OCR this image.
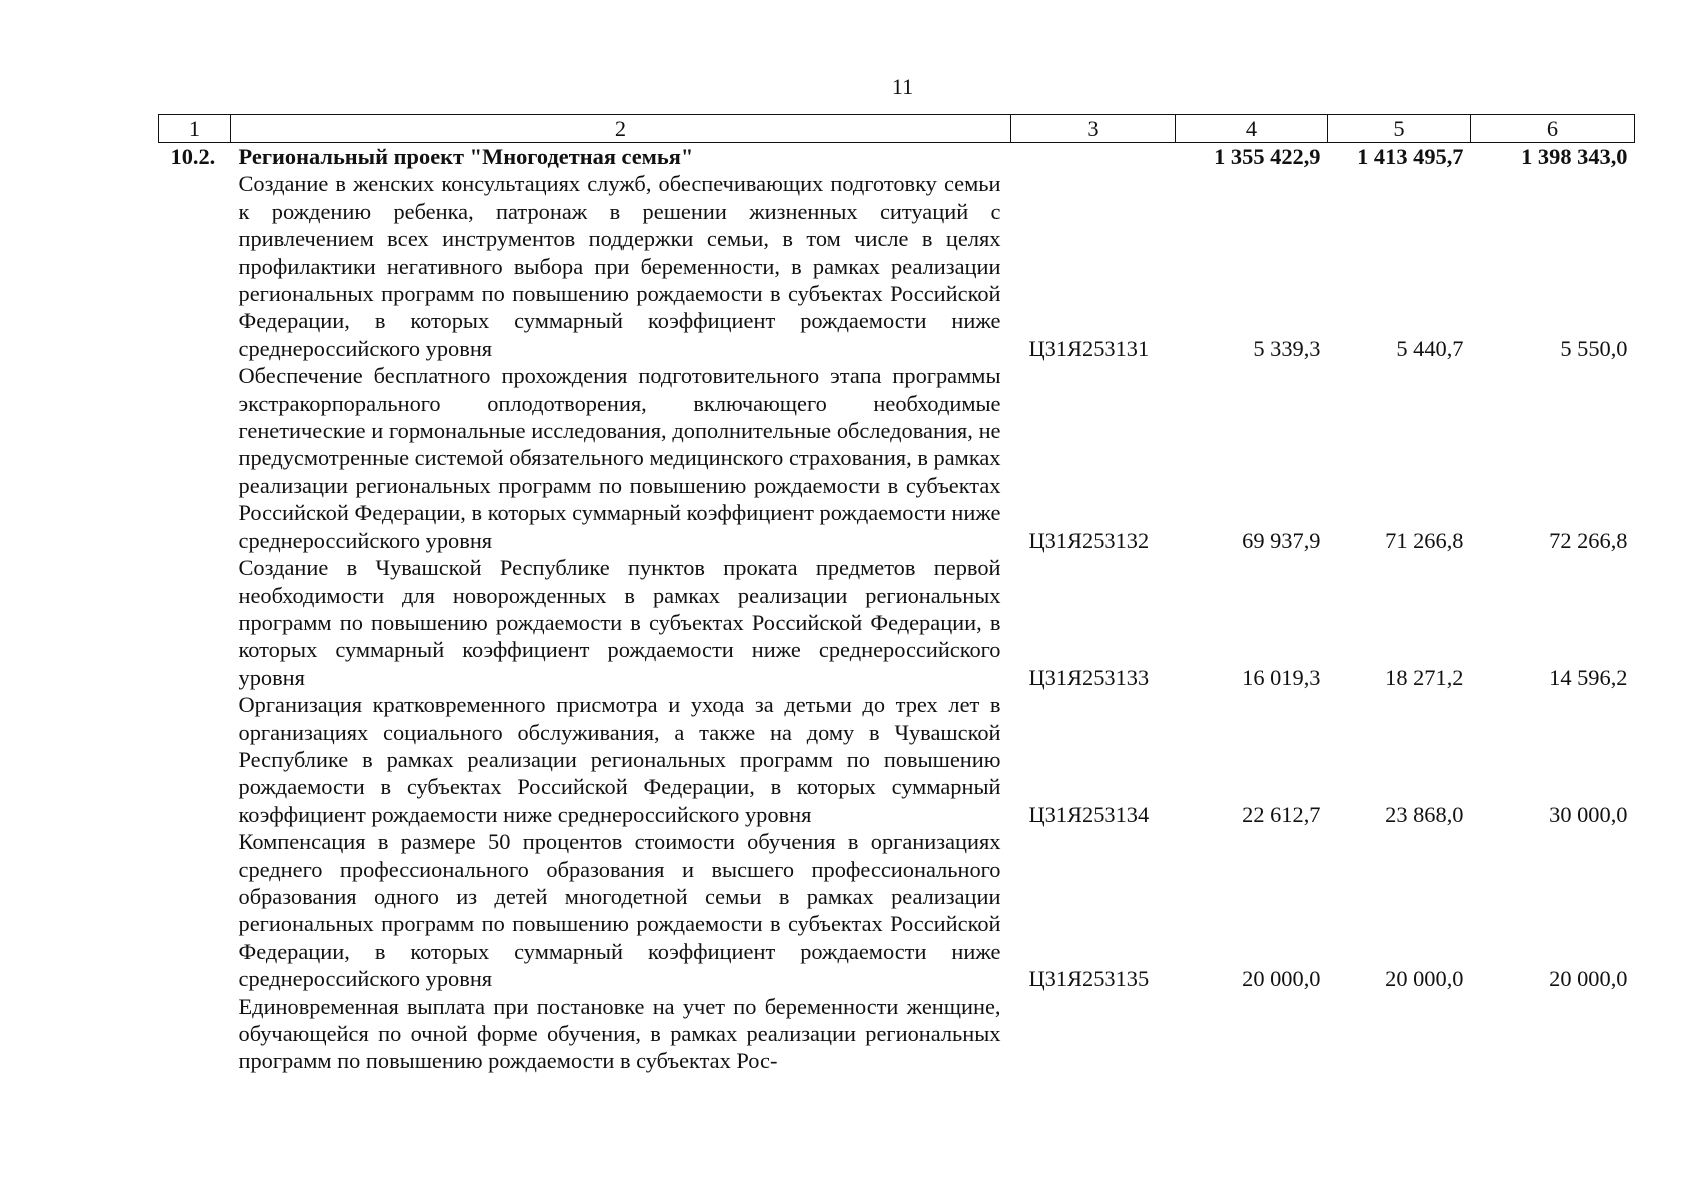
11
1	2	3	4	5	6
10.2.	Региональный проект "Многодетная семья"		1 355 422,9	1 413 495,7	1 398 343,0
	Создание в женских консультациях служб, обеспечивающих подготовку семьи к рождению ребенка, патронаж в решении жизненных ситуаций с привлечением всех инструментов поддержки семьи, в том числе в целях профилактики негативного выбора при беременности, в рамках реализации региональных программ по повышению рождаемости в субъектах Российской Федерации, в которых суммарный коэффициент рождаемости ниже среднероссийского уровня	Ц31Я253131	5 339,3	5 440,7	5 550,0
	Обеспечение бесплатного прохождения подготовительного этапа программы экстракорпорального оплодотворения, включающего необходимые генетические и гормональные исследования, дополнительные обследования, не предусмотренные системой обязательного медицинского страхования, в рамках реализации региональных программ по повышению рождаемости в субъектах Российской Федерации, в которых суммарный коэффициент рождаемости ниже среднероссийского уровня	Ц31Я253132	69 937,9	71 266,8	72 266,8
	Создание в Чувашской Республике пунктов проката предметов первой необходимости для новорожденных в рамках реализации региональных программ по повышению рождаемости в субъектах Российской Федерации, в которых суммарный коэффициент рождаемости ниже среднероссийского уровня	Ц31Я253133	16 019,3	18 271,2	14 596,2
	Организация кратковременного присмотра и ухода за детьми до трех лет в организациях социального обслуживания, а также на дому в Чувашской Республике в рамках реализации региональных программ по повышению рождаемости в субъектах Российской Федерации, в которых суммарный коэффициент рождаемости ниже среднероссийского уровня	Ц31Я253134	22 612,7	23 868,0	30 000,0
	Компенсация в размере 50 процентов стоимости обучения в организациях среднего профессионального образования и высшего профессионального образования одного из детей многодетной семьи в рамках реализации региональных программ по повышению рождаемости в субъектах Российской Федерации, в которых суммарный коэффициент рождаемости ниже среднероссийского уровня	Ц31Я253135	20 000,0	20 000,0	20 000,0
	Единовременная выплата при постановке на учет по беременности женщине, обучающейся по очной форме обучения, в рамках реализации региональных программ по повышению рождаемости в субъектах Рос-				
